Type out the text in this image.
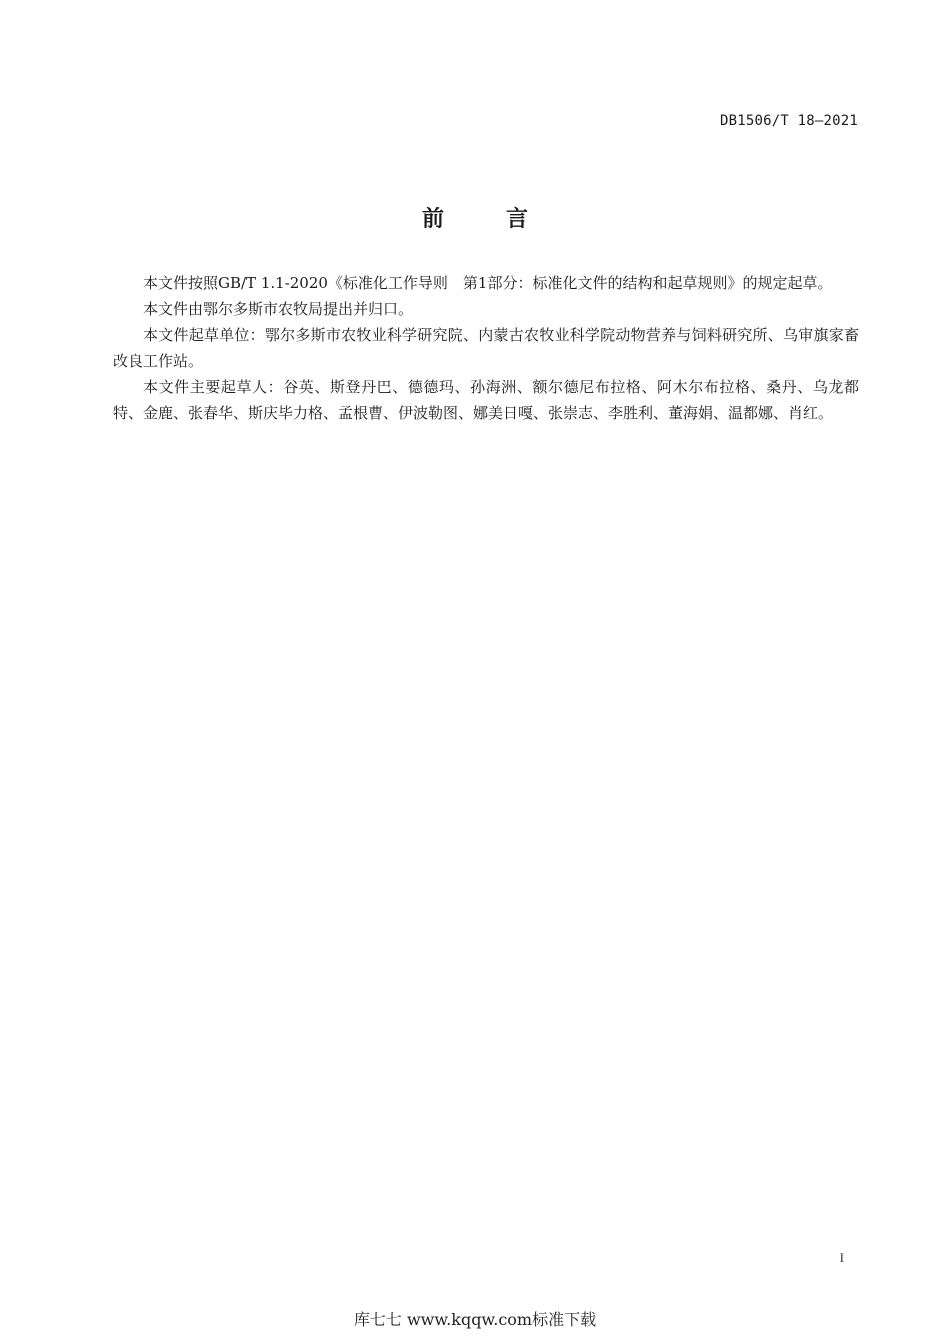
DB1506/T 18—2021
前	言

本文件按照GB/T 1.1-2020《标准化工作导则　第1部分：标准化文件的结构和起草规则》的规定起草。

本文件由鄂尔多斯市农牧局提出并归口。

本文件起草单位：鄂尔多斯市农牧业科学研究院、内蒙古农牧业科学院动物营养与饲料研究所、乌审旗家畜改良工作站。

本文件主要起草人：谷英、斯登丹巴、德德玛、孙海洲、额尔德尼布拉格、阿木尔布拉格、桑丹、乌龙都特、金鹿、张春华、斯庆毕力格、孟根曹、伊波勒图、娜美日嘎、张崇志、李胜利、董海娟、温都娜、肖红。

I
库七七 www.kqqw.com标准下载
